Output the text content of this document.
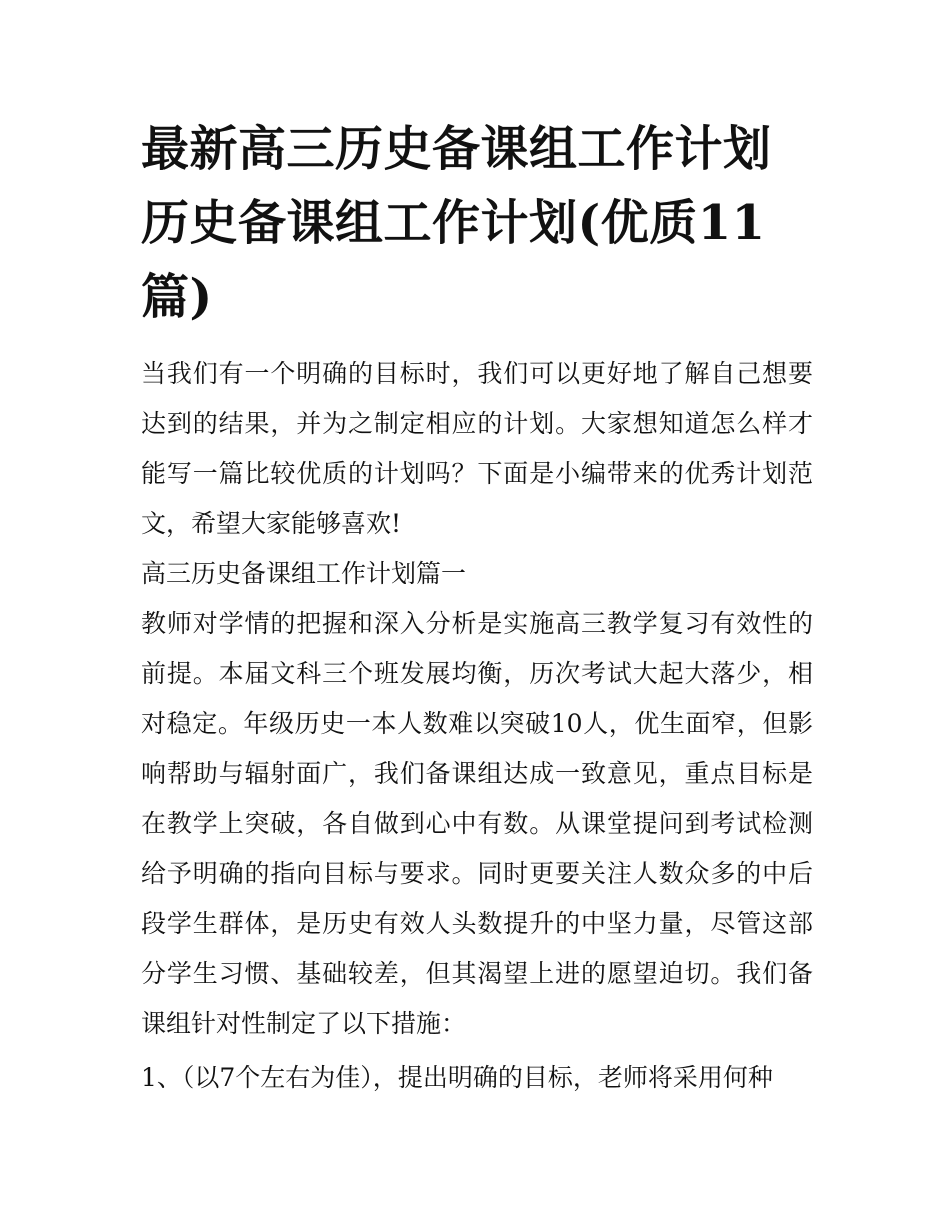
最新高三历史备课组工作计划 历史备课组工作计划(优质11篇)

当我们有一个明确的目标时，我们可以更好地了解自己想要达到的结果，并为之制定相应的计划。大家想知道怎么样才能写一篇比较优质的计划吗？下面是小编带来的优秀计划范文，希望大家能够喜欢!

高三历史备课组工作计划篇一

教师对学情的把握和深入分析是实施高三教学复习有效性的前提。本届文科三个班发展均衡，历次考试大起大落少，相对稳定。年级历史一本人数难以突破10人，优生面窄，但影响帮助与辐射面广，我们备课组达成一致意见，重点目标是在教学上突破，各自做到心中有数。从课堂提问到考试检测给予明确的指向目标与要求。同时更要关注人数众多的中后段学生群体，是历史有效人头数提升的中坚力量，尽管这部分学生习惯、基础较差，但其渴望上进的愿望迫切。我们备课组针对性制定了以下措施：

1、（以7个左右为佳），提出明确的目标，老师将采用何种
